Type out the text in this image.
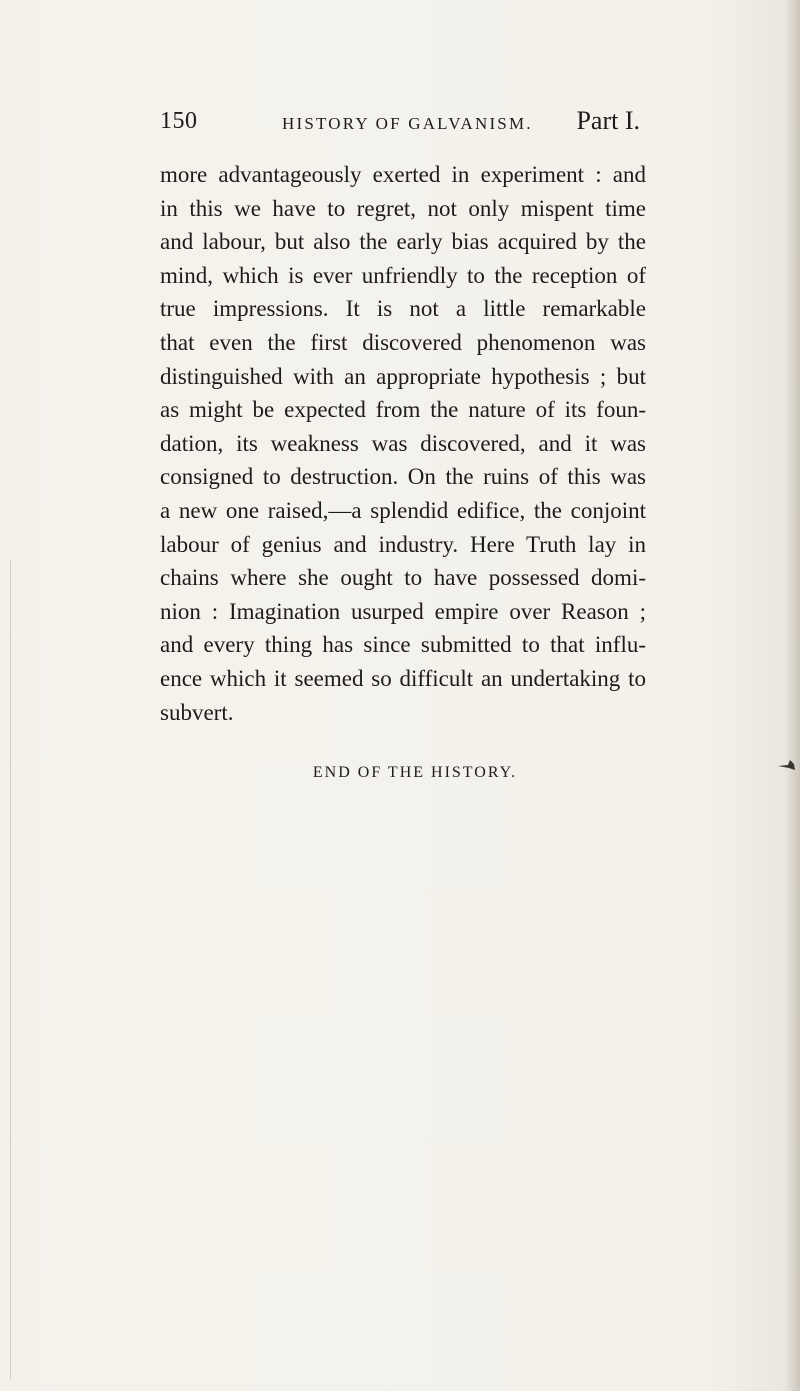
150	HISTORY OF GALVANISM. Part I.
more advantageously exerted in experiment : and
in this we have to regret, not only mispent time
and labour, but also the early bias acquired by the
mind, which is ever unfriendly to the reception of
true impressions. It is not a little remarkable
that even the first discovered phenomenon was
distinguished with an appropriate hypothesis ; but
as might be expected from the nature of its foun-
dation, its weakness was discovered, and it was
consigned to destruction. On the ruins of this was
a new one raised,—a splendid edifice, the conjoint
labour of genius and industry. Here Truth lay in
chains where she ought to have possessed domi-
nion : Imagination usurped empire over Reason ;
and every thing has since submitted to that influ-
ence which it seemed so difficult an undertaking to
subvert.
END OF THE HISTORY.
